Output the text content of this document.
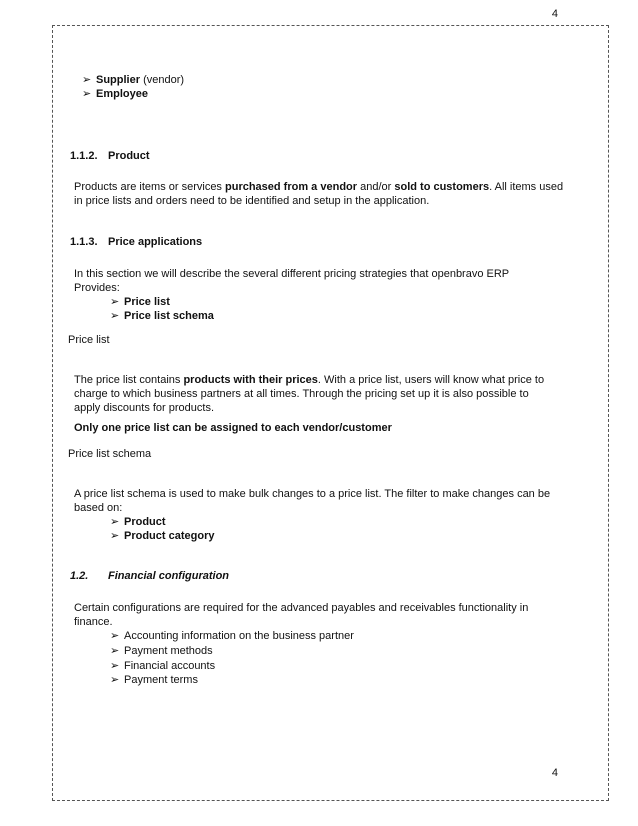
4
➢ Supplier (vendor)
➢ Employee
1.1.2. Product
Products are items or services purchased from a vendor and/or sold to customers. All items used
in price lists and orders need to be identified and setup in the application.
1.1.3. Price applications
In this section we will describe the several different pricing strategies that openbravo ERP
Provides:
➢ Price list
➢ Price list schema
Price list
The price list contains products with their prices. With a price list, users will know what price to
charge to which business partners at all times. Through the pricing set up it is also possible to
apply discounts for products.
Only one price list can be assigned to each vendor/customer
Price list schema
A price list schema is used to make bulk changes to a price list. The filter to make changes can be
based on:
➢ Product
➢ Product category
1.2. Financial configuration
Certain configurations are required for the advanced payables and receivables functionality in
finance.
➢ Accounting information on the business partner
➢ Payment methods
➢ Financial accounts
➢ Payment terms
4
